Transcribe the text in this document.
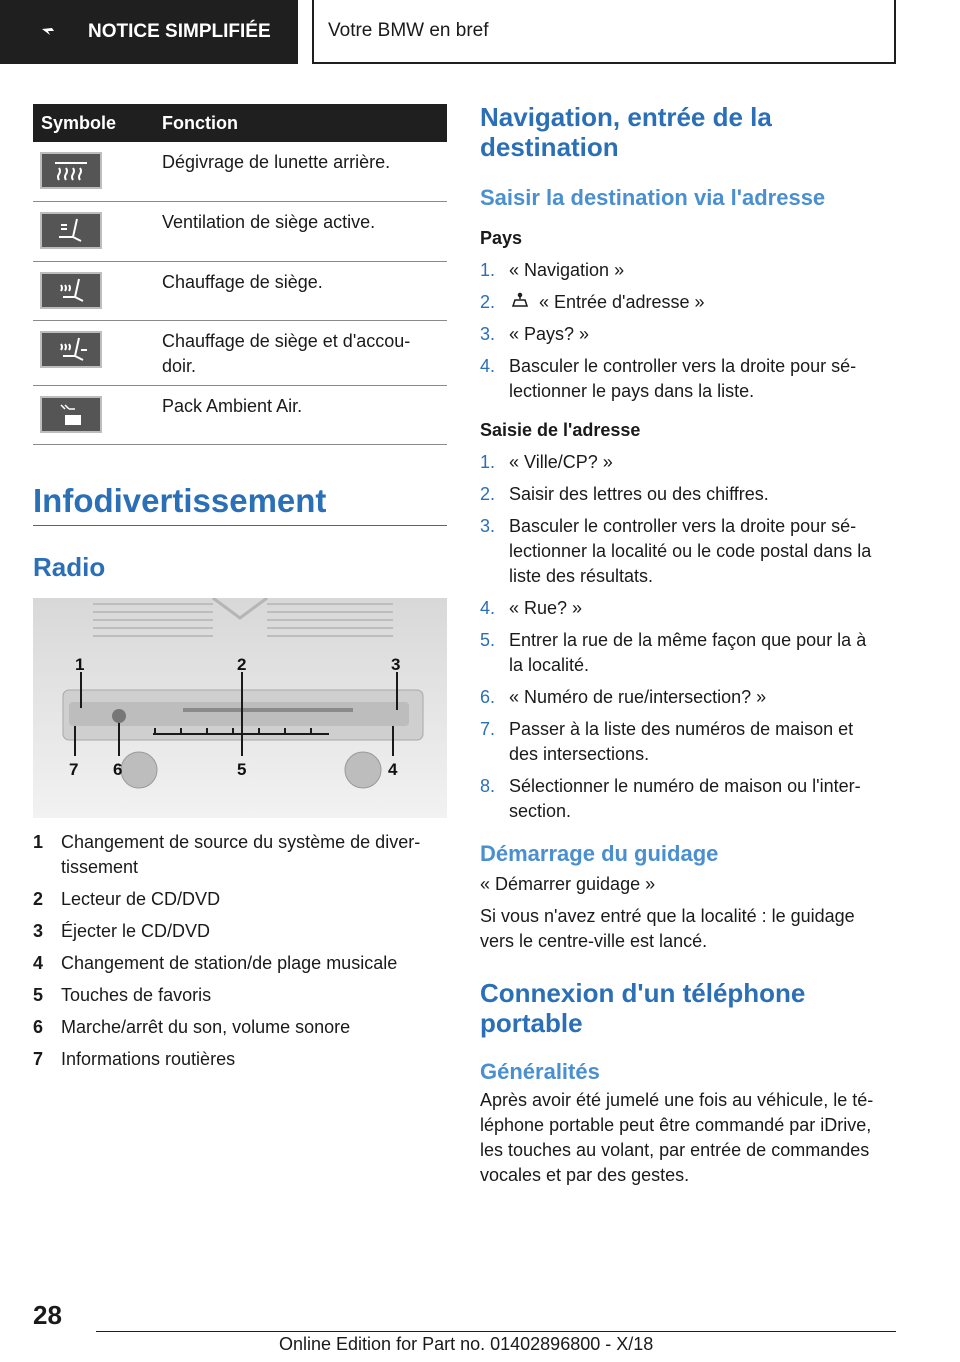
NOTICE SIMPLIFIÉE	Votre BMW en bref
Symbole	Fonction
Dégivrage de lunette arrière.
Ventilation de siège active.
Chauffage de siège.
Chauffage de siège et d'accou-
doir.
Pack Ambient Air.
Infodivertissement
Radio
1	2	3
4
5
6
7
1 Changement de source du système de diver-
tissement
2 Lecteur de CD/DVD
3 Éjecter le CD/DVD
4 Changement de station/de plage musicale
5 Touches de favoris
6 Marche/arrêt du son, volume sonore
7 Informations routières
Navigation, entrée de la
destination
Saisir la destination via l'adresse
Pays
1. « Navigation »
2.	« Entrée d'adresse »
3. « Pays? »
4. Basculer le controller vers la droite pour sé-
lectionner le pays dans la liste.
Saisie de l'adresse
1. « Ville/CP? »
2. Saisir des lettres ou des chiffres.
3. Basculer le controller vers la droite pour sé-
lectionner la localité ou le code postal dans la
liste des résultats.
4. « Rue? »
5. Entrer la rue de la même façon que pour la à
la localité.
6. « Numéro de rue/intersection? »
7. Passer à la liste des numéros de maison et
des intersections.
8. Sélectionner le numéro de maison ou l'inter-
section.
Démarrage du guidage

« Démarrer guidage »

Si vous n'avez entré que la localité : le guidage
vers le centre-ville est lancé.

Connexion d'un téléphone
portable
Généralités

Après avoir été jumelé une fois au véhicule, le té-
léphone portable peut être commandé par iDrive,
les touches au volant, par entrée de commandes
vocales et par des gestes.

28
Online Edition for Part no. 01402896800 - X/18
